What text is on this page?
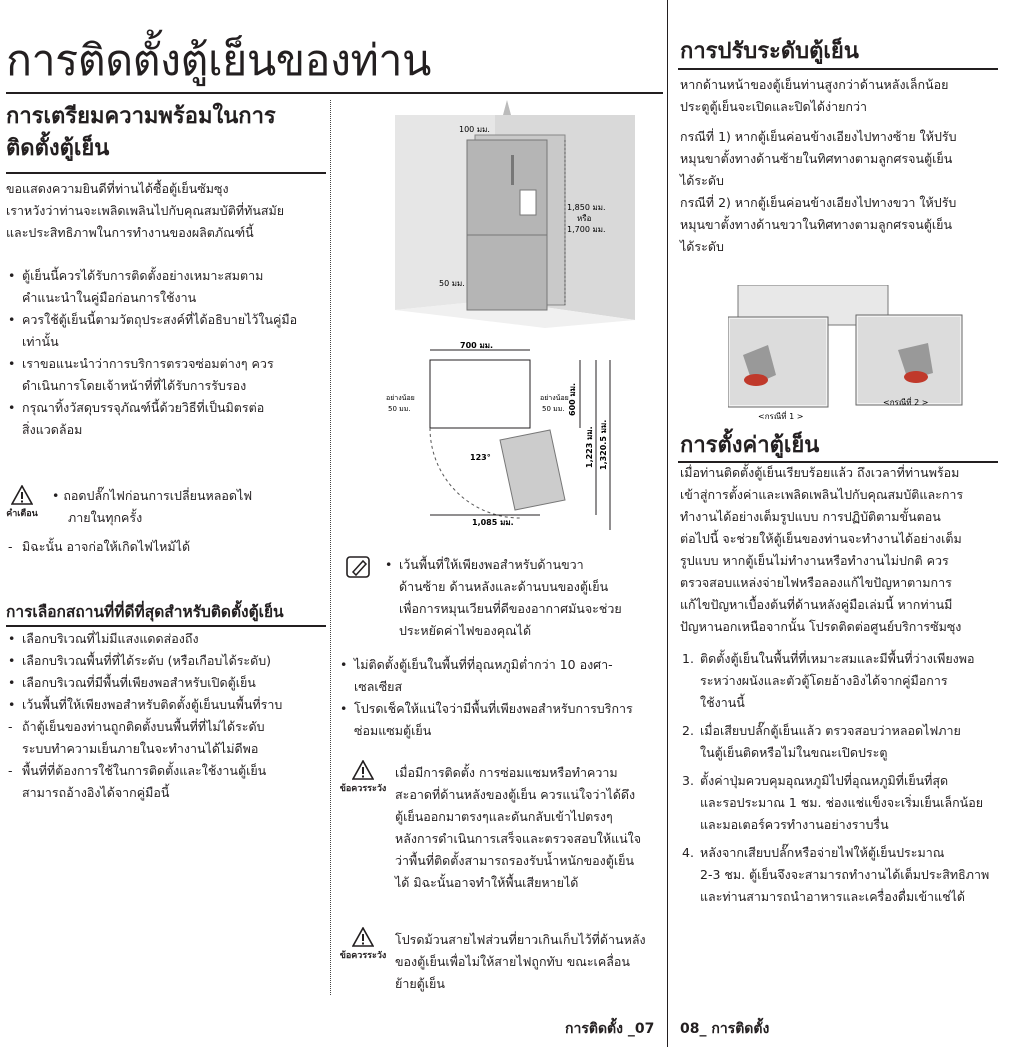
การติดตั้งตู้เย็นของท่าน
การเตรียมความพร้อมในการ
ติดตั้งตู้เย็น
ขอแสดงความยินดีที่ท่านได้ซื้อตู้เย็นซัมซุง
เราหวังว่าท่านจะเพลิดเพลินไปกับคุณสมบัติที่ทันสมัย
และประสิทธิภาพในการทำงานของผลิตภัณฑ์นี้
• ตู้เย็นนี้ควรได้รับการติดตั้งอย่างเหมาะสมตาม
คำแนะนำในคู่มือก่อนการใช้งาน
• ควรใช้ตู้เย็นนี้ตามวัตถุประสงค์ที่ได้อธิบายไว้ในคู่มือ
เท่านั้น
• เราขอแนะนำว่าการบริการตรวจซ่อมต่างๆ ควร
ดำเนินการโดยเจ้าหน้าที่ที่ได้รับการรับรอง
• กรุณาทิ้งวัสดุบรรจุภัณฑ์นี้ด้วยวิธีที่เป็นมิตรต่อ
สิ่งแวดล้อม
คำเตือน
• ถอดปลั๊กไฟก่อนการเปลี่ยนหลอดไฟ
ภายในทุกครั้ง
- มิฉะนั้น อาจก่อให้เกิดไฟไหม้ได้
การเลือกสถานที่ที่ดีที่สุดสำหรับติดตั้งตู้เย็น
• เลือกบริเวณที่ไม่มีแสงแดดส่องถึง
• เลือกบริเวณพื้นที่ที่ได้ระดับ (หรือเกือบได้ระดับ)
• เลือกบริเวณที่มีพื้นที่เพียงพอสำหรับเปิดตู้เย็น
• เว้นพื้นที่ให้เพียงพอสำหรับติดตั้งตู้เย็นบนพื้นที่ราบ
- ถ้าตู้เย็นของท่านถูกติดตั้งบนพื้นที่ที่ไม่ได้ระดับ
ระบบทำความเย็นภายในจะทำงานได้ไม่ดีพอ
- พื้นที่ที่ต้องการใช้ในการติดตั้งและใช้งานตู้เย็น
สามารถอ้างอิงได้จากคู่มือนี้
100 มม.
1,850 มม.
หรือ
1,700 มม.
50 มม.
700 มม.
123°
1,085 มม.
อย่างน้อย
50 มม.
อย่างน้อย
50 มม. 600 มม.
1,223 มม. 1,320.5 มม.
• เว้นพื้นที่ให้เพียงพอสำหรับด้านขวา
ด้านซ้าย ด้านหลังและด้านบนของตู้เย็น
เพื่อการหมุนเวียนที่ดีของอากาศมันจะช่วย
ประหยัดค่าไฟของคุณได้
• ไม่ติดตั้งตู้เย็นในพื้นที่ที่อุณหภูมิต่ำกว่า 10 องศา-
เซลเซียส
• โปรดเช็คให้แน่ใจว่ามีพื้นที่เพียงพอสำหรับการบริการ
ซ่อมแซมตู้เย็น
ข้อควรระวัง
เมื่อมีการติดตั้ง การซ่อมแซมหรือทำความ
สะอาดที่ด้านหลังของตู้เย็น ควรแน่ใจว่าได้ดึง
ตู้เย็นออกมาตรงๆและดันกลับเข้าไปตรงๆ
หลังการดำเนินการเสร็จและตรวจสอบให้แน่ใจ
ว่าพื้นที่ติดตั้งสามารถรองรับน้ำหนักของตู้เย็น
ได้ มิฉะนั้นอาจทำให้พื้นเสียหายได้
ข้อควรระวัง
โปรดม้วนสายไฟส่วนที่ยาวเกินเก็บไว้ที่ด้านหลัง
ของตู้เย็นเพื่อไม่ให้สายไฟถูกทับ ขณะเคลื่อน
ย้ายตู้เย็น
การติดตั้ง _07
การปรับระดับตู้เย็น
หากด้านหน้าของตู้เย็นท่านสูงกว่าด้านหลังเล็กน้อย
ประตูตู้เย็นจะเปิดและปิดได้ง่ายกว่า
กรณีที่ 1) หากตู้เย็นค่อนข้างเอียงไปทางซ้าย ให้ปรับ
หมุนขาตั้งทางด้านซ้ายในทิศทางตามลูกศรจนตู้เย็น
ได้ระดับ
กรณีที่ 2) หากตู้เย็นค่อนข้างเอียงไปทางขวา ให้ปรับ
หมุนขาตั้งทางด้านขวาในทิศทางตามลูกศรจนตู้เย็น
ได้ระดับ
<กรณีที่ 1 >
<กรณีที่ 2 >
การตั้งค่าตู้เย็น
เมื่อท่านติดตั้งตู้เย็นเรียบร้อยแล้ว ถึงเวลาที่ท่านพร้อม
เข้าสู่การตั้งค่าและเพลิดเพลินไปกับคุณสมบัติและการ
ทำงานได้อย่างเต็มรูปแบบ การปฏิบัติตามขั้นตอน
ต่อไปนี้ จะช่วยให้ตู้เย็นของท่านจะทำงานได้อย่างเต็ม
รูปแบบ หากตู้เย็นไม่ทำงานหรือทำงานไม่ปกติ ควร
ตรวจสอบแหล่งจ่ายไฟหรือลองแก้ไขปัญหาตามการ
แก้ไขปัญหาเบื้องต้นที่ด้านหลังคู่มือเล่มนี้ หากท่านมี
ปัญหานอกเหนือจากนั้น โปรดติดต่อศูนย์บริการซัมซุง
1. ติดตั้งตู้เย็นในพื้นที่ที่เหมาะสมและมีพื้นที่ว่างเพียงพอ
ระหว่างผนังและตัวตู้โดยอ้างอิงได้จากคู่มือการ
ใช้งานนี้
2. เมื่อเสียบปลั๊กตู้เย็นแล้ว ตรวจสอบว่าหลอดไฟภาย
ในตู้เย็นติดหรือไม่ในขณะเปิดประตู
3. ตั้งค่าปุ่มควบคุมอุณหภูมิไปที่อุณหภูมิที่เย็นที่สุด
และรอประมาณ 1 ชม. ช่องแช่แข็งจะเริ่มเย็นเล็กน้อย
และมอเตอร์ควรทำงานอย่างราบรื่น
4. หลังจากเสียบปลั๊กหรือจ่ายไฟให้ตู้เย็นประมาณ
2-3 ชม. ตู้เย็นจึงจะสามารถทำงานได้เต็มประสิทธิภาพ
และท่านสามารถนำอาหารและเครื่องดื่มเข้าแช่ได้
08_ การติดตั้ง
